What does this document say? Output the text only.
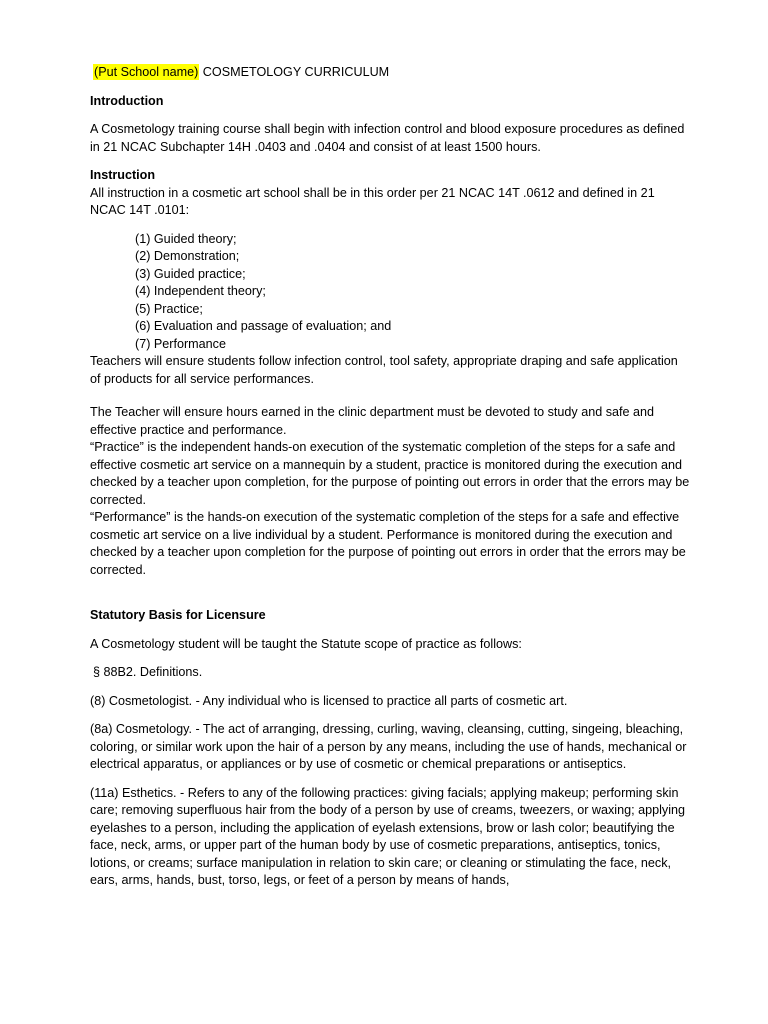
(Put School name) COSMETOLOGY CURRICULUM

Introduction

A Cosmetology training course shall begin with infection control and blood exposure procedures as defined in 21 NCAC Subchapter 14H .0403 and .0404 and consist of at least 1500 hours.

Instruction

All instruction in a cosmetic art school shall be in this order per 21 NCAC 14T .0612 and defined in 21 NCAC 14T .0101:

(1) Guided theory;
(2) Demonstration;
(3) Guided practice;
(4) Independent theory;
(5) Practice;
(6) Evaluation and passage of evaluation; and
(7) Performance

Teachers will ensure students follow infection control, tool safety, appropriate draping and safe application of products for all service performances.

The Teacher will ensure hours earned in the clinic department must be devoted to study and safe and effective practice and performance.

“Practice” is the independent hands-on execution of the systematic completion of the steps for a safe and effective cosmetic art service on a mannequin by a student, practice is monitored during the execution and checked by a teacher upon completion, for the purpose of pointing out errors in order that the errors may be corrected.

“Performance” is the hands-on execution of the systematic completion of the steps for a safe and effective cosmetic art service on a live individual by a student. Performance is monitored during the execution and checked by a teacher upon completion for the purpose of pointing out errors in order that the errors may be corrected.

Statutory Basis for Licensure

A Cosmetology student will be taught the Statute scope of practice as follows:

§ 88B2. Definitions.

(8) Cosmetologist. - Any individual who is licensed to practice all parts of cosmetic art.

(8a) Cosmetology. - The act of arranging, dressing, curling, waving, cleansing, cutting, singeing, bleaching, coloring, or similar work upon the hair of a person by any means, including the use of hands, mechanical or electrical apparatus, or appliances or by use of cosmetic or chemical preparations or antiseptics.

(11a) Esthetics. - Refers to any of the following practices: giving facials; applying makeup; performing skin care; removing superfluous hair from the body of a person by use of creams, tweezers, or waxing; applying eyelashes to a person, including the application of eyelash extensions, brow or lash color; beautifying the face, neck, arms, or upper part of the human body by use of cosmetic preparations, antiseptics, tonics, lotions, or creams; surface manipulation in relation to skin care; or cleaning or stimulating the face, neck, ears, arms, hands, bust, torso, legs, or feet of a person by means of hands,
